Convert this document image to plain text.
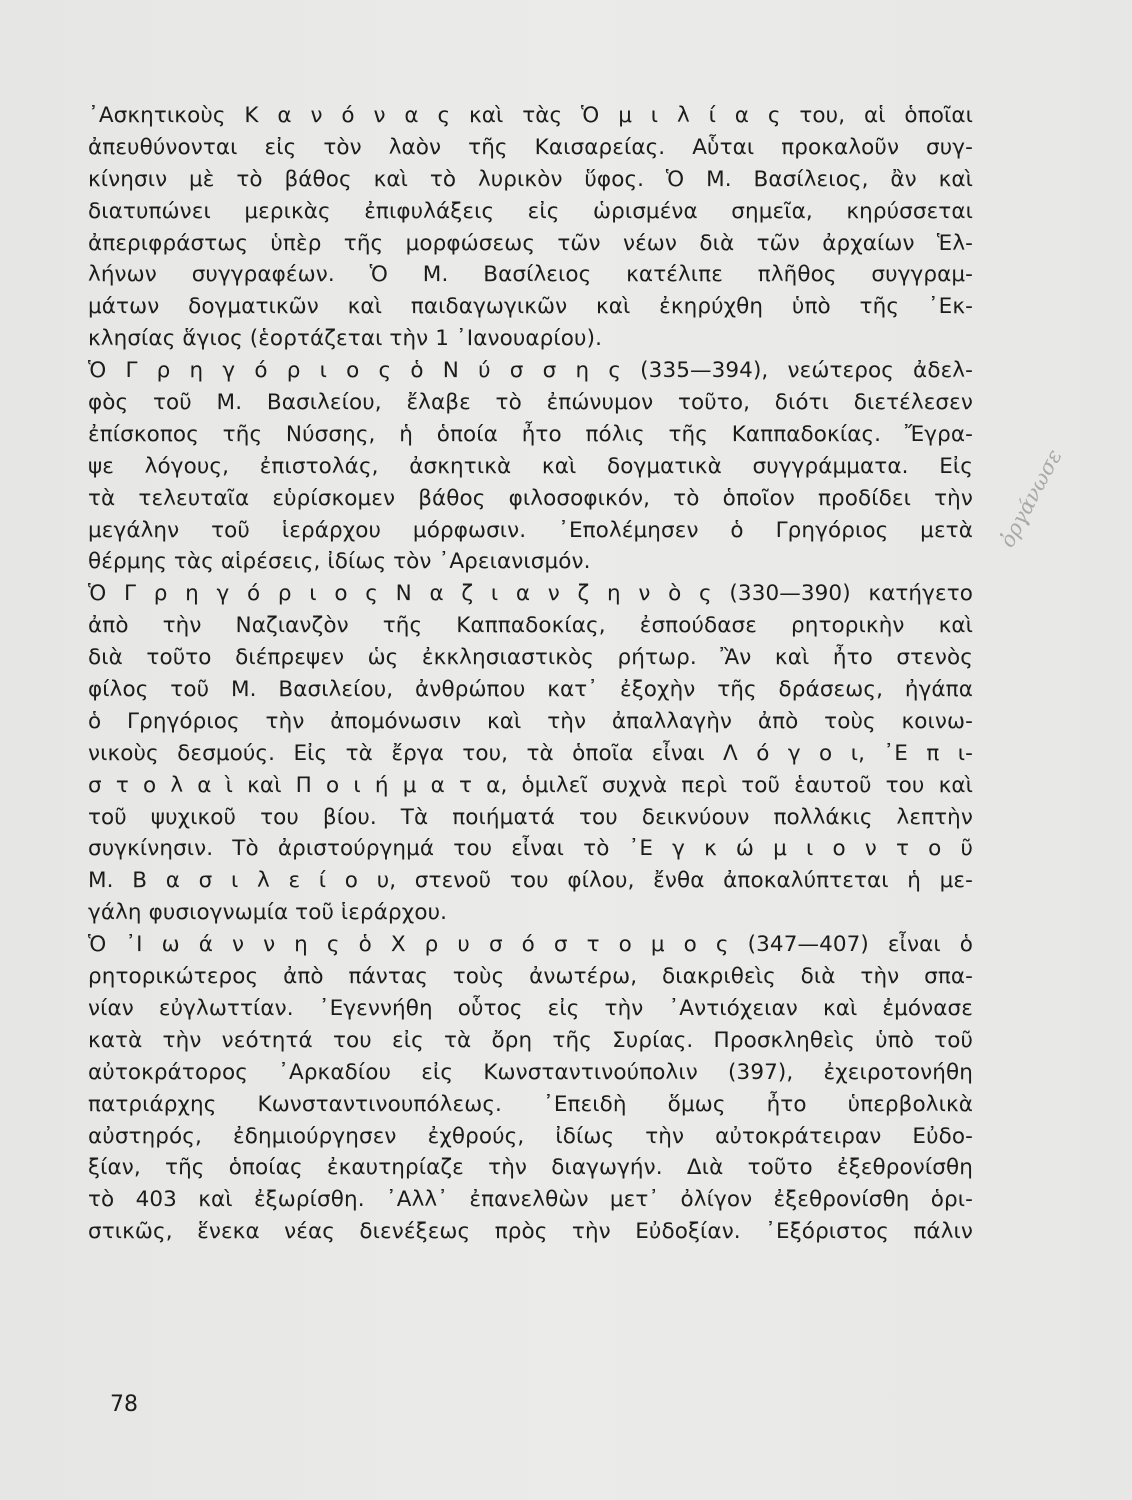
᾿Ασκητικοὺς Κ α ν ό ν α ς καὶ τὰς Ὁ μ ι λ ί α ς του, αἱ ὁποῖαι
ἀπευθύνονται εἰς τὸν λαὸν τῆς Καισαρείας. Αὗται προκαλοῦν συγ-
κίνησιν μὲ τὸ βάθος καὶ τὸ λυρικὸν ὕφος. Ὁ Μ. Βασίλειος, ἂν καὶ
διατυπώνει μερικὰς ἐπιφυλάξεις εἰς ὡρισμένα σημεῖα, κηρύσσεται
ἀπεριφράστως ὑπὲρ τῆς μορφώσεως τῶν νέων διὰ τῶν ἀρχαίων Ἑλ-
λήνων συγγραφέων. Ὁ Μ. Βασίλειος κατέλιπε πλῆθος συγγραμ-
μάτων δογματικῶν καὶ παιδαγωγικῶν καὶ ἐκηρύχθη ὑπὸ τῆς ᾿Εκ-
κλησίας ἅγιος (ἑορτάζεται τὴν 1 ᾿Ιανουαρίου).
Ὁ Γ ρ η γ ό ρ ι ο ς ὁ Ν ύ σ σ η ς (335—394), νεώτερος ἀδελ-
φὸς τοῦ Μ. Βασιλείου, ἔλαβε τὸ ἐπώνυμον τοῦτο, διότι διετέλεσεν
ἐπίσκοπος τῆς Νύσσης, ἡ ὁποία ἦτο πόλις τῆς Καππαδοκίας. Ἔγρα-
ψε λόγους, ἐπιστολάς, ἀσκητικὰ καὶ δογματικὰ συγγράμματα. Εἰς
τὰ τελευταῖα εὑρίσκομεν βάθος φιλοσοφικόν, τὸ ὁποῖον προδίδει τὴν
μεγάλην τοῦ ἱεράρχου μόρφωσιν. ᾿Επολέμησεν ὁ Γρηγόριος μετὰ
θέρμης τὰς αἱρέσεις, ἰδίως τὸν ᾿Αρειανισμόν.
Ὁ Γ ρ η γ ό ρ ι ο ς Ν α ζ ι α ν ζ η ν ὸ ς (330—390) κατήγετο
ἀπὸ τὴν Ναζιανζὸν τῆς Καππαδοκίας, ἐσπούδασε ρητορικὴν καὶ
διὰ τοῦτο διέπρεψεν ὡς ἐκκλησιαστικὸς ρήτωρ. Ἂν καὶ ἦτο στενὸς
φίλος τοῦ Μ. Βασιλείου, ἀνθρώπου κατ᾿ ἐξοχὴν τῆς δράσεως, ἠγάπα
ὁ Γρηγόριος τὴν ἀπομόνωσιν καὶ τὴν ἀπαλλαγὴν ἀπὸ τοὺς κοινω-
νικοὺς δεσμούς. Εἰς τὰ ἔργα του, τὰ ὁποῖα εἶναι Λ ό γ ο ι, ᾿Ε π ι-
σ τ ο λ α ὶ καὶ Π ο ι ή μ α τ α, ὁμιλεῖ συχνὰ περὶ τοῦ ἑαυτοῦ του καὶ
τοῦ ψυχικοῦ του βίου. Τὰ ποιήματά του δεικνύουν πολλάκις λεπτὴν
συγκίνησιν. Τὸ ἀριστούργημά του εἶναι τὸ ᾿Ε γ κ ώ μ ι ο ν τ ο ῦ
Μ. Β α σ ι λ ε ί ο υ, στενοῦ του φίλου, ἔνθα ἀποκαλύπτεται ἡ με-
γάλη φυσιογνωμία τοῦ ἱεράρχου.
Ὁ ᾿Ι ω ά ν ν η ς ὁ Χ ρ υ σ ό σ τ ο μ ο ς (347—407) εἶναι ὁ
ρητορικώτερος ἀπὸ πάντας τοὺς ἀνωτέρω, διακριθεὶς διὰ τὴν σπα-
νίαν εὐγλωττίαν. ᾿Εγεννήθη οὗτος εἰς τὴν ᾿Αντιόχειαν καὶ ἐμόνασε
κατὰ τὴν νεότητά του εἰς τὰ ὄρη τῆς Συρίας. Προσκληθεὶς ὑπὸ τοῦ
αὐτοκράτορος ᾿Αρκαδίου εἰς Κωνσταντινούπολιν (397), ἐχειροτονήθη
πατριάρχης Κωνσταντινουπόλεως. ᾿Επειδὴ ὅμως ἦτο ὑπερβολικὰ
αὐστηρός, ἐδημιούργησεν ἐχθρούς, ἰδίως τὴν αὐτοκράτειραν Εὐδο-
ξίαν, τῆς ὁποίας ἐκαυτηρίαζε τὴν διαγωγήν. Διὰ τοῦτο ἐξεθρονίσθη
τὸ 403 καὶ ἐξωρίσθη. ᾿Αλλ᾿ ἐπανελθὼν μετ᾿ ὀλίγον ἐξεθρονίσθη ὁρι-
στικῶς, ἕνεκα νέας διενέξεως πρὸς τὴν Εὐδοξίαν. ᾿Εξόριστος πάλιν
ὀργάνωσε
78
